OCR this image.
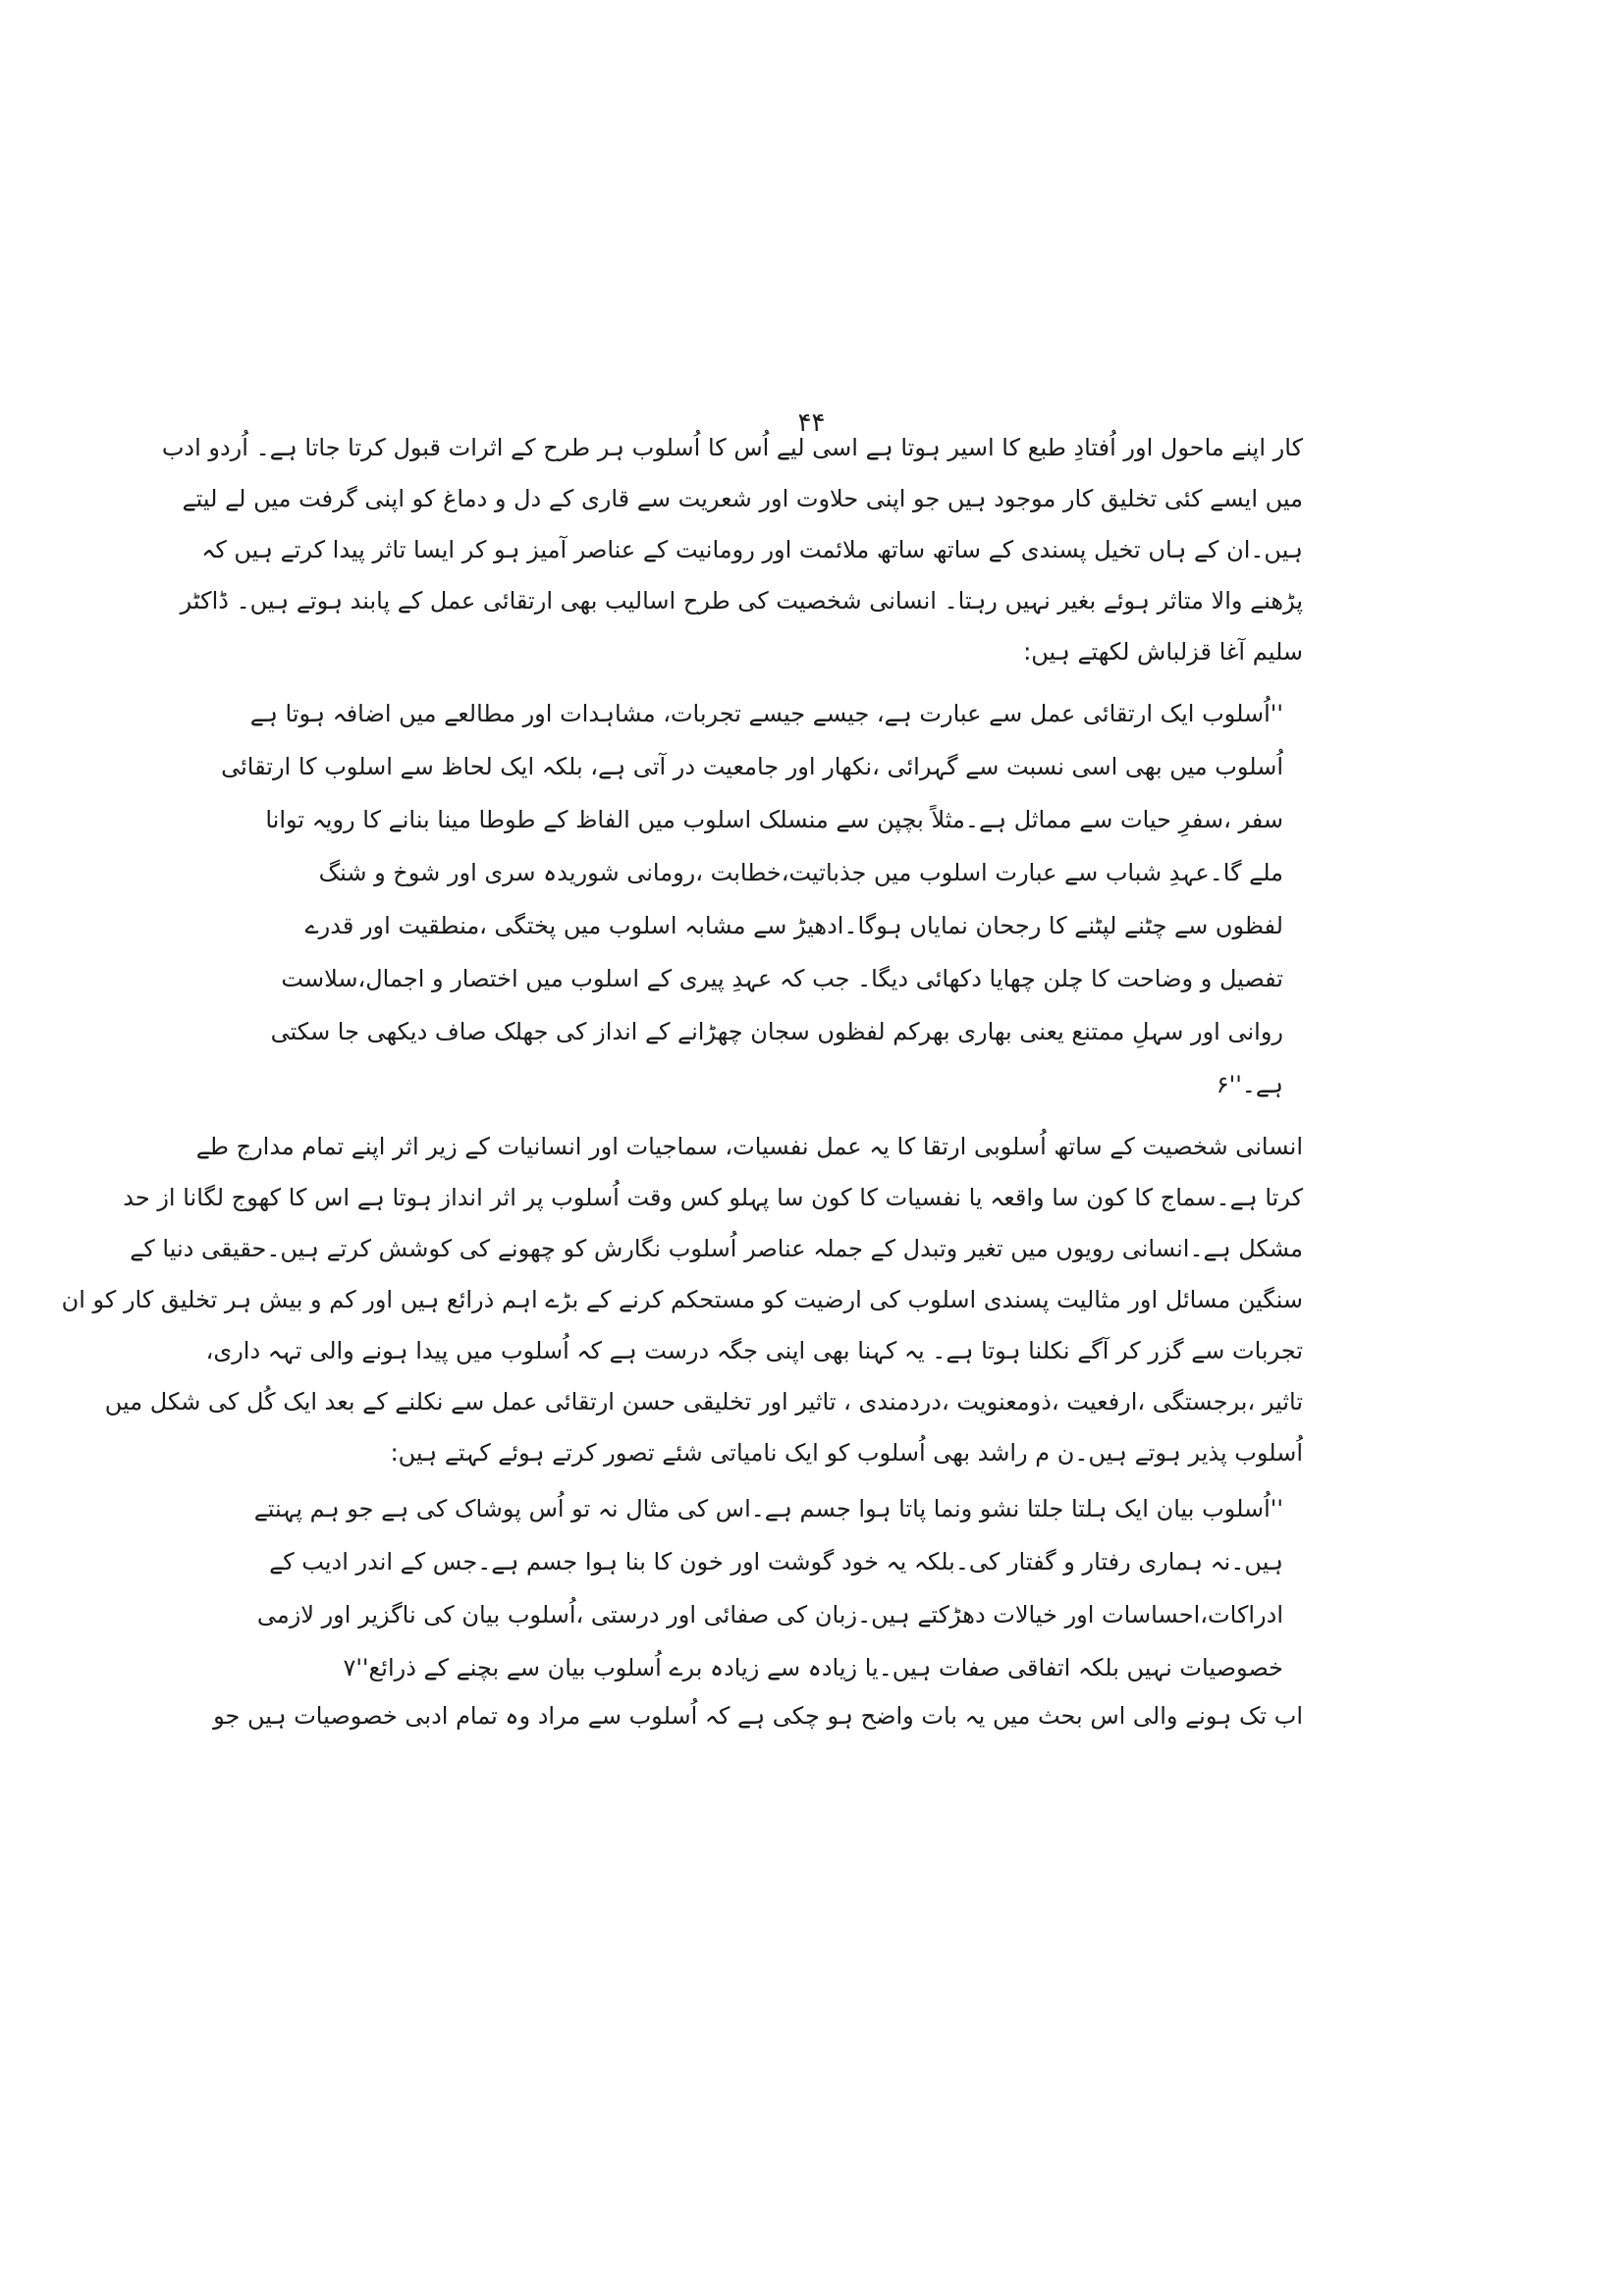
۴۴
کار اپنے ماحول اور اُفتادِ طبع کا اسیر ہوتا ہے اسی لیے اُس کا اُسلوب ہر طرح کے اثرات قبول کرتا جاتا ہے۔ اُردو ادب
میں ایسے کئی تخلیق کار موجود ہیں جو اپنی حلاوت اور شعریت سے قاری کے دل و دماغ کو اپنی گرفت میں لے لیتے
ہیں۔ان کے ہاں تخیل پسندی کے ساتھ ساتھ ملائمت اور رومانیت کے عناصر آمیز ہو کر ایسا تاثر پیدا کرتے ہیں کہ
پڑھنے والا متاثر ہوئے بغیر نہیں رہتا۔ انسانی شخصیت کی طرح اسالیب بھی ارتقائی عمل کے پابند ہوتے ہیں۔ ڈاکٹر
سلیم آغا قزلباش لکھتے ہیں:
''اُسلوب ایک ارتقائی عمل سے عبارت ہے، جیسے جیسے تجربات، مشاہدات اور مطالعے میں اضافہ ہوتا ہے
اُسلوب میں بھی اسی نسبت سے گہرائی ،نکھار اور جامعیت در آتی ہے، بلکہ ایک لحاظ سے اسلوب کا ارتقائی
سفر ،سفرِ حیات سے مماثل ہے۔مثلاً بچپن سے منسلک اسلوب میں الفاظ کے طوطا مینا بنانے کا رویہ توانا
ملے گا۔عہدِ شباب سے عبارت اسلوب میں جذباتیت،خطابت ،رومانی شوریدہ سری اور شوخ و شنگ
لفظوں سے چٹنے لپٹنے کا رجحان نمایاں ہوگا۔ادھیڑ سے مشابہ اسلوب میں پختگی ،منطقیت اور قدرے
تفصیل و وضاحت کا چلن چھایا دکھائی دیگا۔ جب کہ عہدِ پیری کے اسلوب میں اختصار و اجمال،سلاست
روانی اور سہلِ ممتنع یعنی بھاری بھرکم لفظوں سجان چھڑانے کے انداز کی جھلک صاف دیکھی جا سکتی
ہے۔''۶
انسانی شخصیت کے ساتھ اُسلوبی ارتقا کا یہ عمل نفسیات، سماجیات اور انسانیات کے زیر اثر اپنے تمام مدارج طے
کرتا ہے۔سماج کا کون سا واقعہ یا نفسیات کا کون سا پہلو کس وقت اُسلوب پر اثر انداز ہوتا ہے اس کا کھوج لگانا از حد
مشکل ہے۔انسانی رویوں میں تغیر وتبدل کے جملہ عناصر اُسلوب نگارش کو چھونے کی کوشش کرتے ہیں۔حقیقی دنیا کے
سنگین مسائل اور مثالیت پسندی اسلوب کی ارضیت کو مستحکم کرنے کے بڑے اہم ذرائع ہیں اور کم و بیش ہر تخلیق کار کو ان
تجربات سے گزر کر آگے نکلنا ہوتا ہے۔ یہ کہنا بھی اپنی جگہ درست ہے کہ اُسلوب میں پیدا ہونے والی تہہ داری،
تاثیر ،برجستگی ،ارفعیت ،ذومعنویت ،دردمندی ، تاثیر اور تخلیقی حسن ارتقائی عمل سے نکلنے کے بعد ایک کُل کی شکل میں
اُسلوب پذیر ہوتے ہیں۔ن م راشد بھی اُسلوب کو ایک نامیاتی شئے تصور کرتے ہوئے کہتے ہیں:
''اُسلوب بیان ایک ہلتا جلتا نشو ونما پاتا ہوا جسم ہے۔اس کی مثال نہ تو اُس پوشاک کی ہے جو ہم پہنتے
ہیں۔نہ ہماری رفتار و گفتار کی۔بلکہ یہ خود گوشت اور خون کا بنا ہوا جسم ہے۔جس کے اندر ادیب کے
ادراکات،احساسات اور خیالات دھڑکتے ہیں۔زبان کی صفائی اور درستی ،اُسلوب بیان کی ناگزیر اور لازمی
خصوصیات نہیں بلکہ اتفاقی صفات ہیں۔یا زیادہ سے زیادہ برے اُسلوب بیان سے بچنے کے ذرائع''۷
اب تک ہونے والی اس بحث میں یہ بات واضح ہو چکی ہے کہ اُسلوب سے مراد وہ تمام ادبی خصوصیات ہیں جو
